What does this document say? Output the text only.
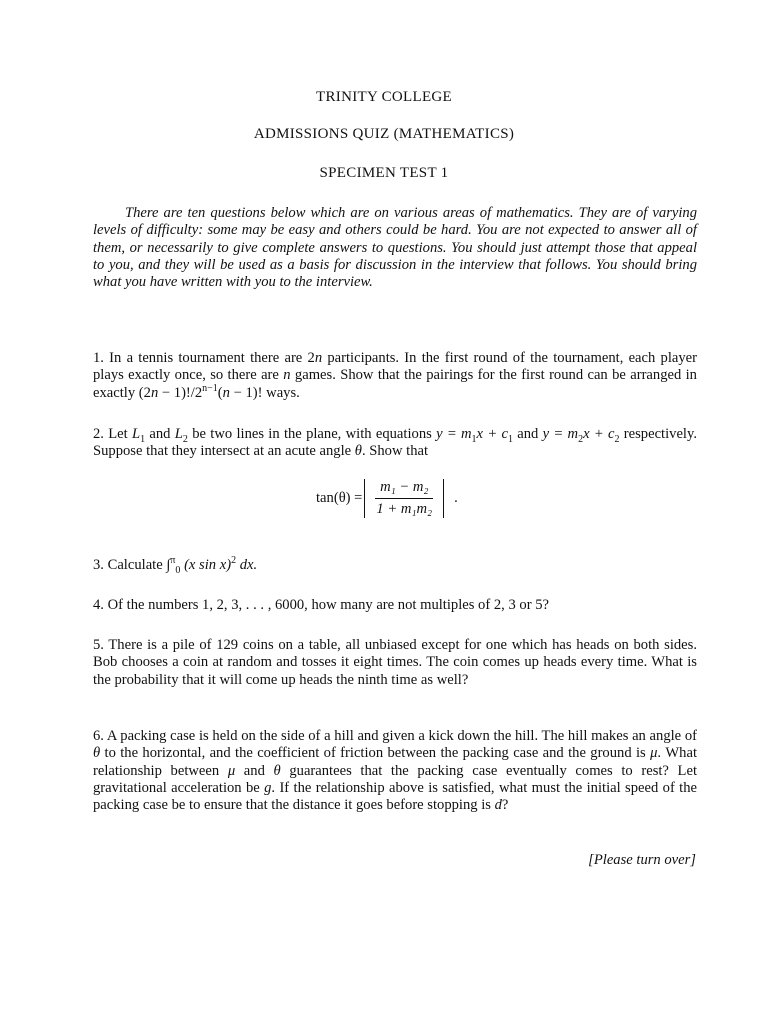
TRINITY COLLEGE
ADMISSIONS QUIZ (MATHEMATICS)
SPECIMEN TEST 1
There are ten questions below which are on various areas of mathematics. They are of varying levels of difficulty: some may be easy and others could be hard. You are not expected to answer all of them, or necessarily to give complete answers to questions. You should just attempt those that appeal to you, and they will be used as a basis for discussion in the interview that follows. You should bring what you have written with you to the interview.
1. In a tennis tournament there are 2n participants. In the first round of the tournament, each player plays exactly once, so there are n games. Show that the pairings for the first round can be arranged in exactly $(2n - 1)!/2^{n-1}(n - 1)$! ways.
2. Let $L_1$ and $L_2$ be two lines in the plane, with equations $y = m_1x + c_1$ and $y = m_2x + c_2$ respectively. Suppose that they intersect at an acute angle θ. Show that
$\tan(\theta) = \frac{\text{m₁ − m₂}}{\text{1 + m₁m₂}}$ .
3. Calculate ∫$^\pi_0$ (x sin x)$^2$ dx.
4. Of the numbers 1, 2, 3, . . . , 6000, how many are not multiples of 2, 3 or 5?
5. There is a pile of 129 coins on a table, all unbiased except for one which has heads on both sides. Bob chooses a coin at random and tosses it eight times. The coin comes up heads every time. What is the probability that it will come up heads the ninth time as well?
6. A packing case is held on the side of a hill and given a kick down the hill. The hill makes an angle of θ to the horizontal, and the coefficient of friction between the packing case and the ground is μ. What relationship between μ and θ guarantees that the packing case eventually comes to rest? Let gravitational acceleration be g. If the relationship above is satisfied, what must the initial speed of the packing case be to ensure that the distance it goes before stopping is d?
[Please turn over]
